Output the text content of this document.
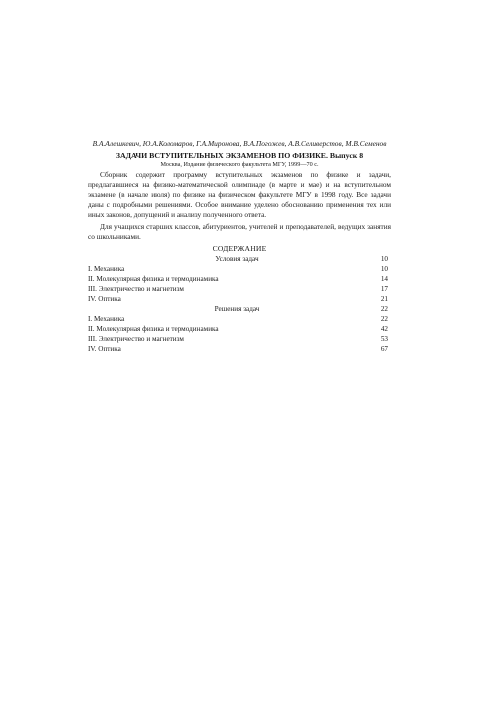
В.А.Алешкевич, Ю.А.Коломаров, Г.А.Миронова, В.А.Погожев, А.В.Селиверстов, М.В.Семенов

ЗАДАЧИ ВСТУПИТЕЛЬНЫХ ЭКЗАМЕНОВ ПО ФИЗИКЕ. Выпуск 8

Москва, Издание физического факультета МГУ, 1999—70 с.

Сборник содержит программу вступительных экзаменов по физике и задачи, предлагавшиеся на физико-математической олимпиаде (в марте и мае) и на вступительном экзамене (в начале июля) по физике на физическом факультете МГУ в 1998 году. Все задачи даны с подробными решениями. Особое внимание уделено обоснованию применения тех или иных законов, допущений и анализу полученного ответа.

Для учащихся старших классов, абитуриентов, учителей и преподавателей, ведущих занятия со школьниками.

СОДЕРЖАНИЕ
Условия задач	10
I. Механика	10
II. Молекулярная физика и термодинамика	14
III. Электричество и магнетизм	17
IV. Оптика	21
Решения задач	22
I. Механика	22
II. Молекулярная физика и термодинамика	42
III. Электричество и магнетизм	53
IV. Оптика	67
